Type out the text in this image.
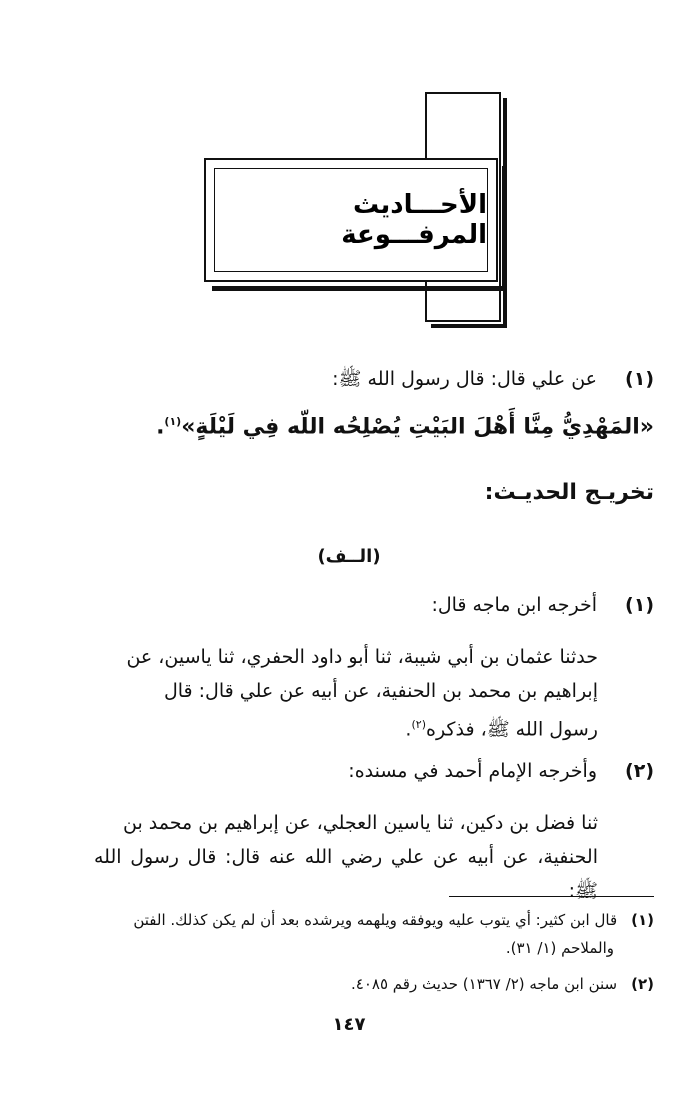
الأحـــاديث المرفـــوعة
(١)عن علي قال: قال رسول الله ﷺ:
«المَهْدِيُّ مِنَّا أَهْلَ البَيْتِ يُصْلِحُه اللّه فِي لَيْلَةٍ»$^{(١)}$.
تخريـج الحديـث:
(الــف)
(١)أخرجه ابن ماجه قال:
حدثنا عثمان بن أبي شيبة، ثنا أبو داود الحفري، ثنا ياسين، عن
إبراهيم بن محمد بن الحنفية، عن أبيه عن علي قال: قال
رسول الله ﷺ، فذكره$^{(٢)}$.
(٢)وأخرجه الإمام أحمد في مسنده:
ثنا فضل بن دكين، ثنا ياسين العجلي، عن إبراهيم بن محمد بن
الحنفية، عن أبيه عن علي رضي الله عنه قال: قال رسول الله ﷺ:
(١)قال ابن كثير: أي يتوب عليه ويوفقه ويلهمه ويرشده بعد أن لم يكن كذلك. الفتن
والملاحم (١/ ٣١).
(٢)سنن ابن ماجه (٢/ ١٣٦٧) حديث رقم ٤٠٨٥.
١٤٧
